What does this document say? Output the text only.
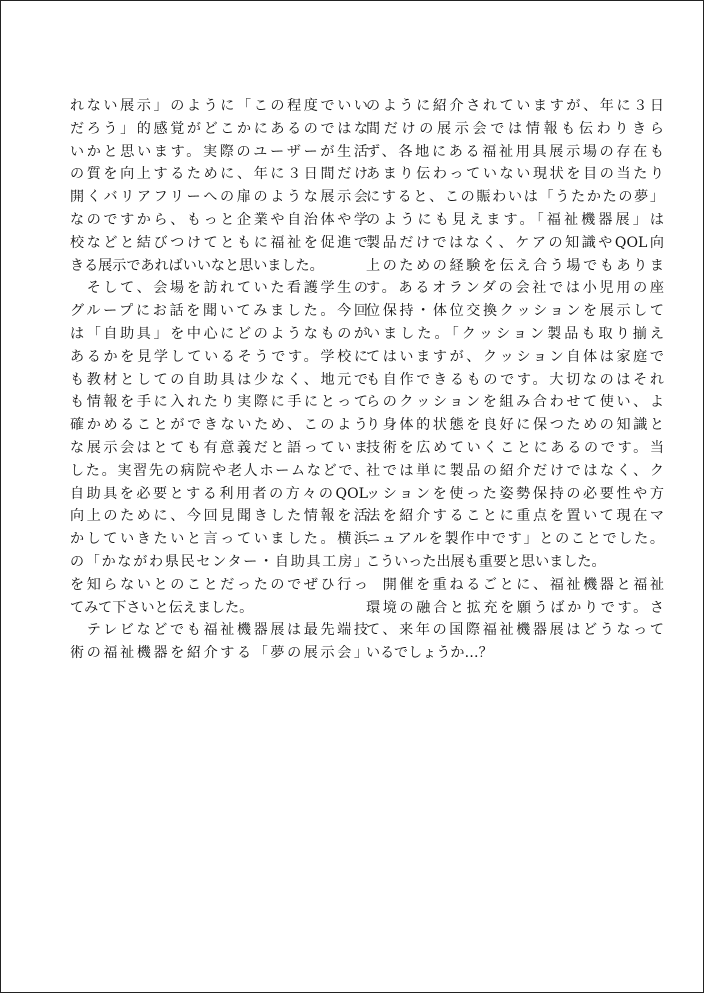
れない展示」のように「この程度でいい
だろう」的感覚がどこかにあるのではな
いかと思います。実際のユーザーが生活
の質を向上するために、年に３日間だけ
開くバリアフリーへの扉のような展示会
なのですから、もっと企業や自治体や学
校などと結びつけてともに福祉を促進で
きる展示であればいいなと思いました。
　そして、会場を訪れていた看護学生の
グループにお話を聞いてみました。今回
は「自助具」を中心にどのようなものが
あるかを見学しているそうです。学校に
も教材としての自助具は少なく、地元で
も情報を手に入れたり実際に手にとって
確かめることができないため、このよう
な展示会はとても有意義だと語っていま
した。実習先の病院や老人ホームなどで、
自助具を必要とする利用者の方々のQOL
向上のために、今回見聞きした情報を活
かしていきたいと言っていました。横浜
の「かながわ県民センター・自助具工房」
を知らないとのことだったのでぜひ行っ
てみて下さいと伝えました。
　テレビなどでも福祉機器展は最先端技
術の福祉機器を紹介する「夢の展示会」
のように紹介されていますが、年に３日
間だけの展示会では情報も伝わりきら
ず、各地にある福祉用具展示場の存在も
あまり伝わっていない現状を目の当たり
にすると、この賑わいは「うたかたの夢」
のようにも見えます。「福祉機器展」は
製品だけではなく、ケアの知識やQOL向
上のための経験を伝え合う場でもありま
す。あるオランダの会社では小児用の座
位保持・体位交換クッションを展示して
いました。「クッション製品も取り揃え
てはいますが、クッション自体は家庭で
も自作できるものです。大切なのはそれ
らのクッションを組み合わせて使い、よ
り身体的状態を良好に保つための知識と
技術を広めていくことにあるのです。当
社では単に製品の紹介だけではなく、ク
ッションを使った姿勢保持の必要性や方
法を紹介することに重点を置いて現在マ
ニュアルを製作中です」とのことでした。
こういった出展も重要と思いました。
　開催を重ねるごとに、福祉機器と福祉
環境の融合と拡充を願うばかりです。さ
て、来年の国際福祉機器展はどうなって
いるでしょうか…？
